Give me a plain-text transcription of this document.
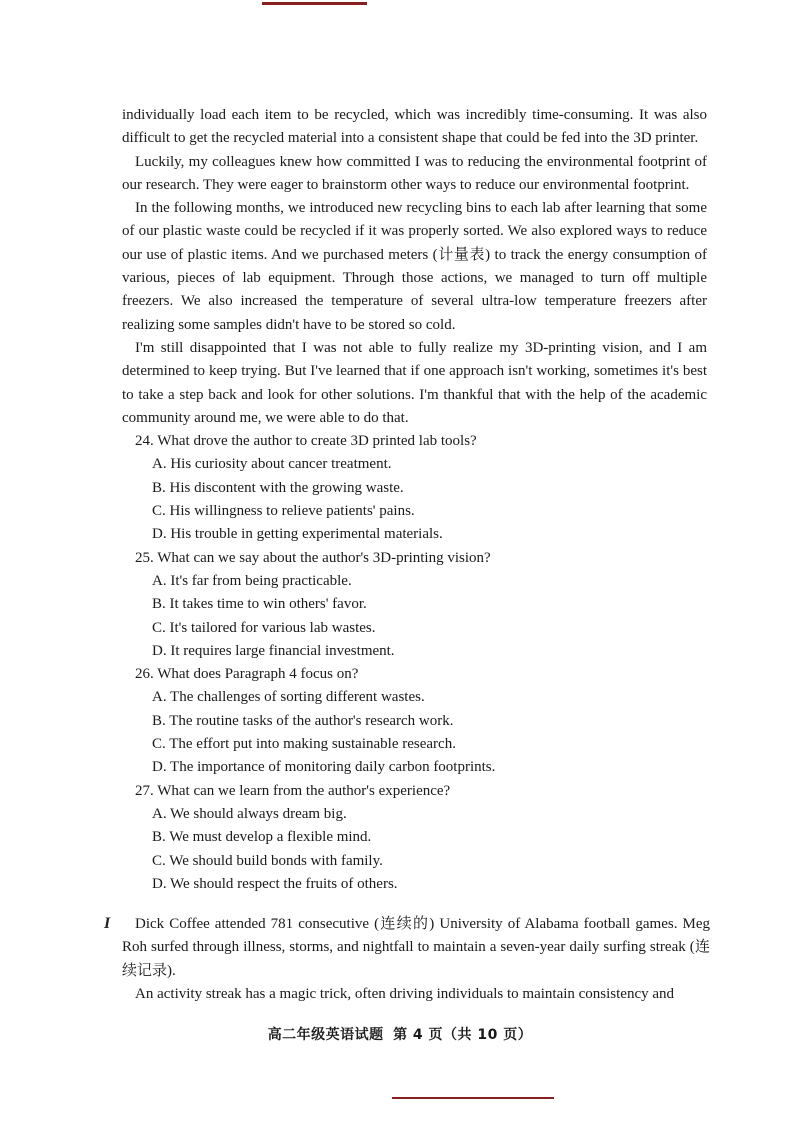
individually load each item to be recycled, which was incredibly time-consuming. It was also difficult to get the recycled material into a consistent shape that could be fed into the 3D printer.

Luckily, my colleagues knew how committed I was to reducing the environmental footprint of our research. They were eager to brainstorm other ways to reduce our environmental footprint.

In the following months, we introduced new recycling bins to each lab after learning that some of our plastic waste could be recycled if it was properly sorted. We also explored ways to reduce our use of plastic items. And we purchased meters (计量表) to track the energy consumption of various, pieces of lab equipment. Through those actions, we managed to turn off multiple freezers. We also increased the temperature of several ultra-low temperature freezers after realizing some samples didn't have to be stored so cold.

I'm still disappointed that I was not able to fully realize my 3D-printing vision, and I am determined to keep trying. But I've learned that if one approach isn't working, sometimes it's best to take a step back and look for other solutions. I'm thankful that with the help of the academic community around me, we were able to do that.

24. What drove the author to create 3D printed lab tools?

A. His curiosity about cancer treatment.

B. His discontent with the growing waste.

C. His willingness to relieve patients' pains.

D. His trouble in getting experimental materials.

25. What can we say about the author's 3D-printing vision?

A. It's far from being practicable.

B. It takes time to win others' favor.

C. It's tailored for various lab wastes.

D. It requires large financial investment.

26. What does Paragraph 4 focus on?

A. The challenges of sorting different wastes.

B. The routine tasks of the author's research work.

C. The effort put into making sustainable research.

D. The importance of monitoring daily carbon footprints.

27. What can we learn from the author's experience?

A. We should always dream big.

B. We must develop a flexible mind.

C. We should build bonds with family.

D. We should respect the fruits of others.

I	Dick Coffee attended 781 consecutive (连续的) University of Alabama football games. Meg Roh surfed through illness, storms, and nightfall to maintain a seven-year daily surfing streak (连续记录).

An activity streak has a magic trick, often driving individuals to maintain consistency and

高二年级英语试题 第 4 页（共 10 页）
